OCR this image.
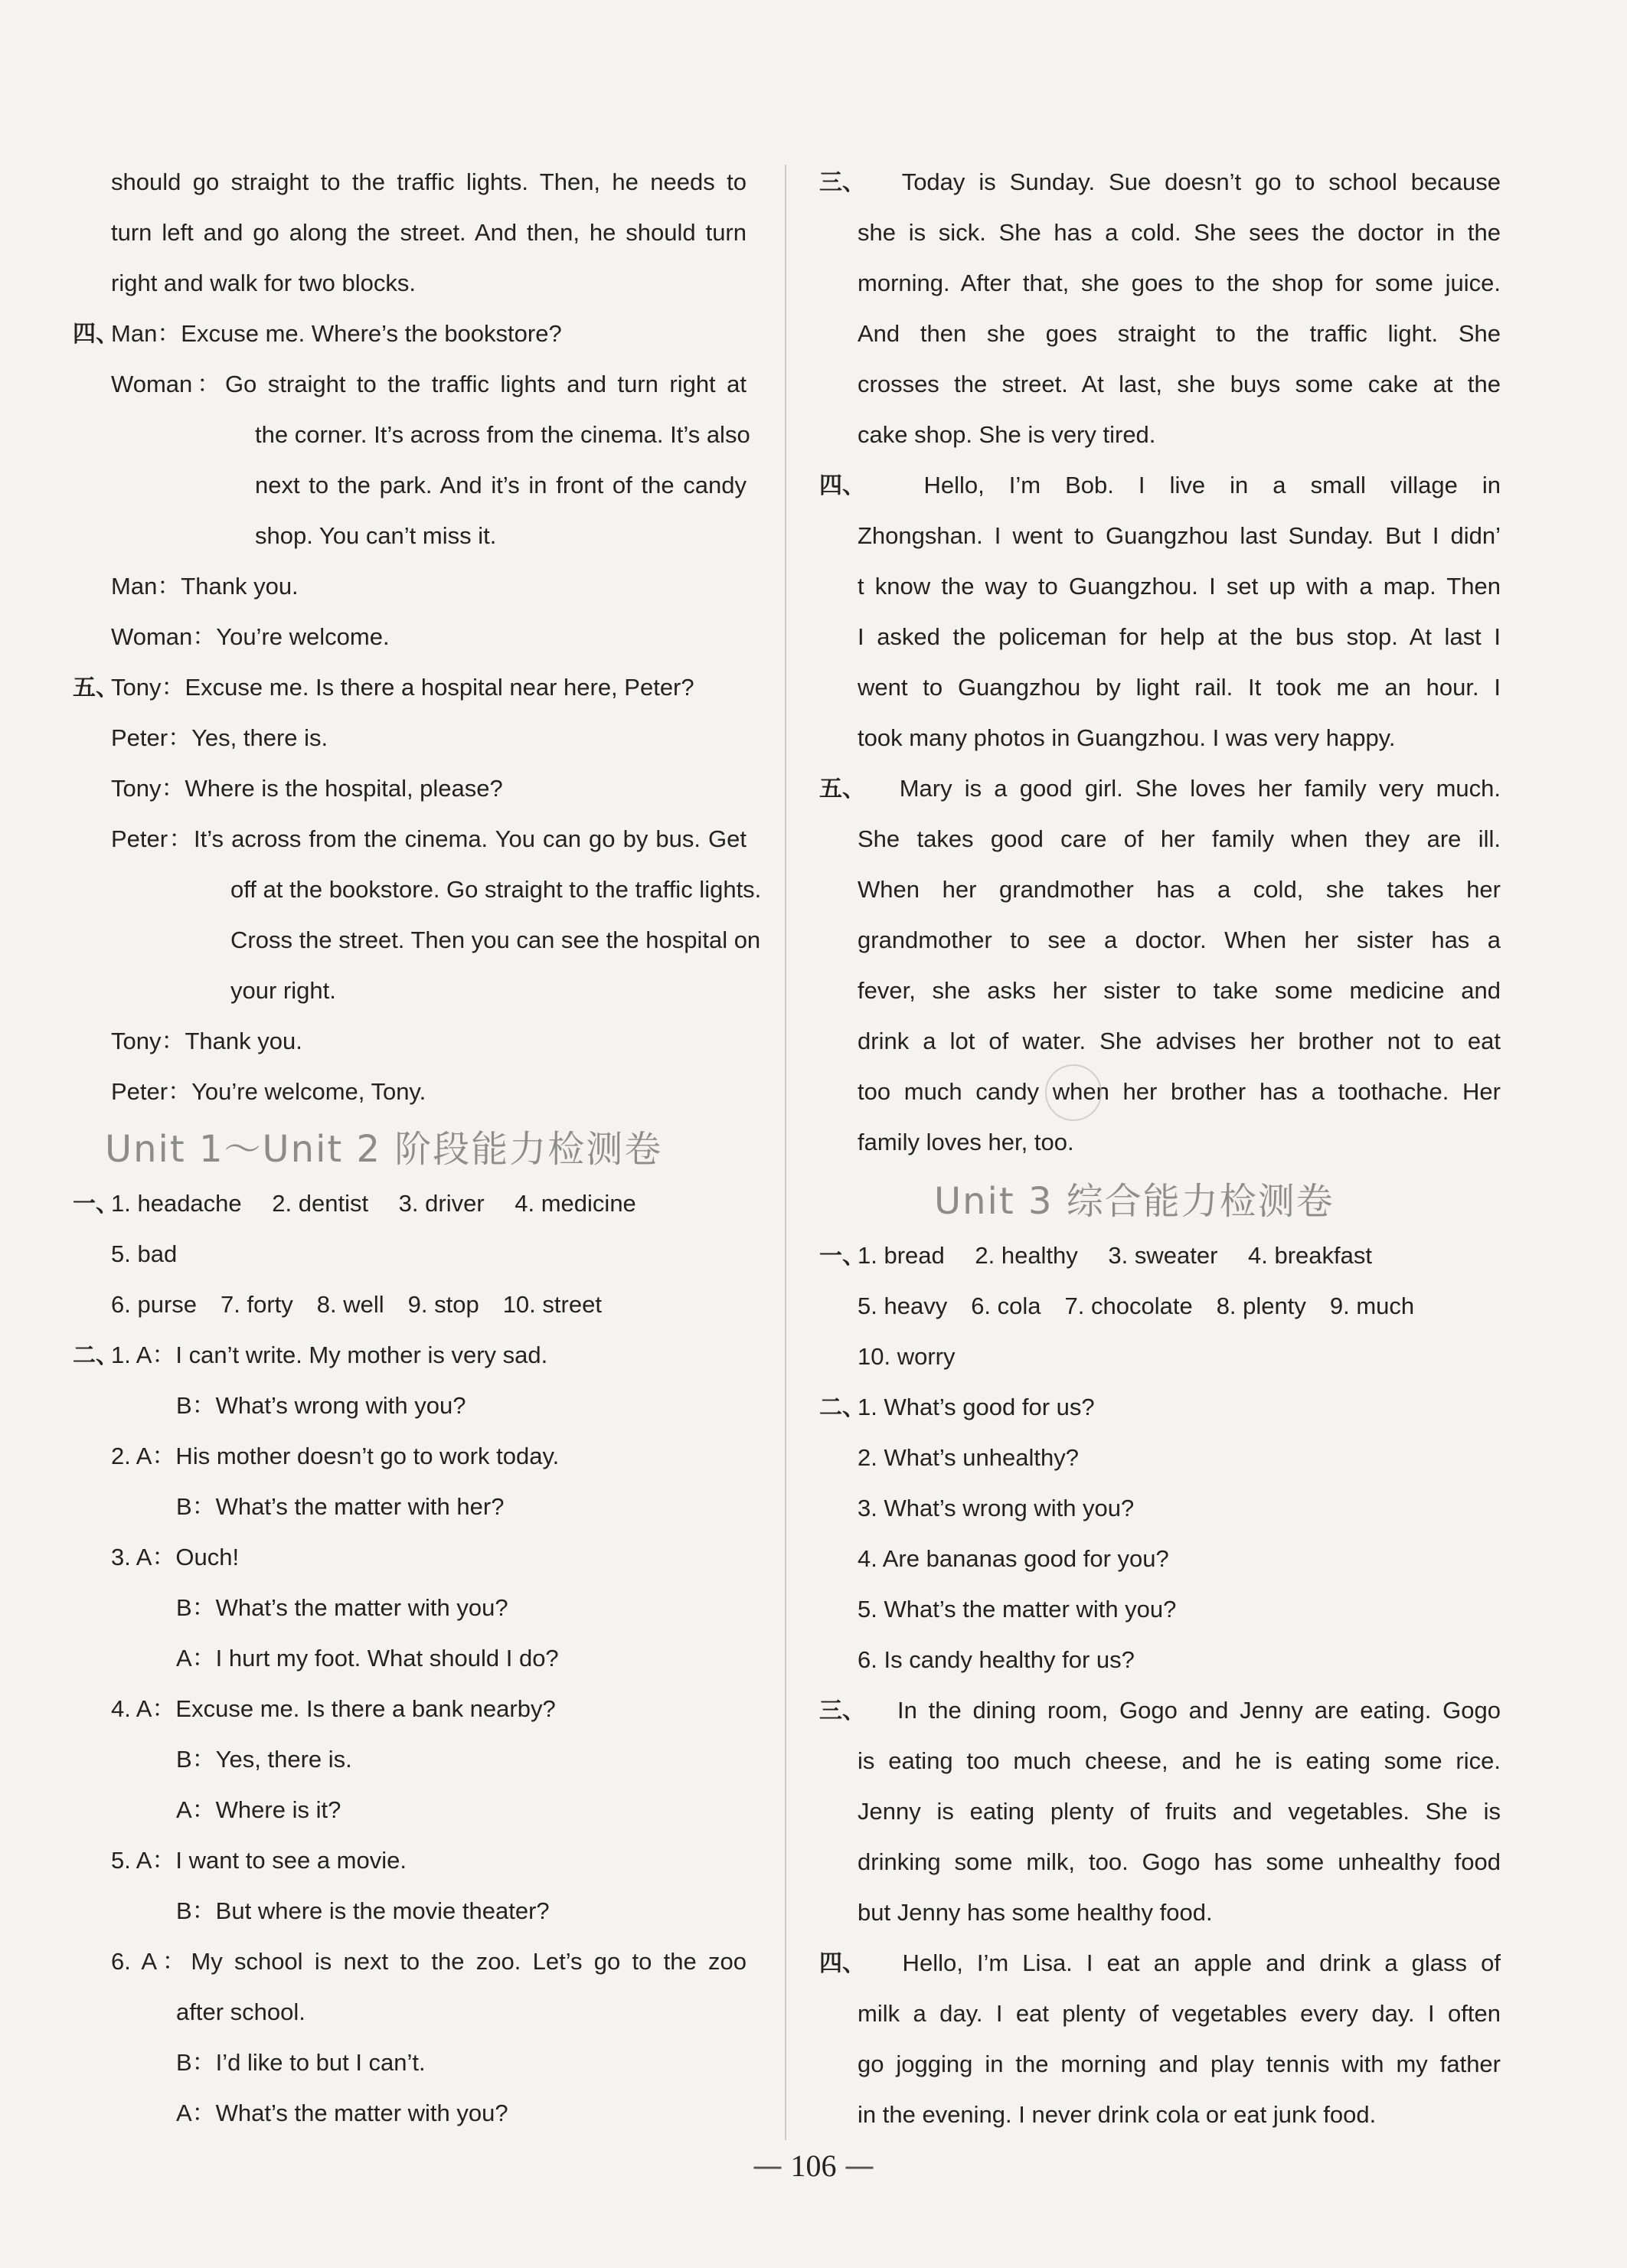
should go straight to the traffic lights. Then, he needs to
turn left and go along the street. And then, he should turn
right and walk for two blocks.
四、
Man：Excuse me. Where’s the bookstore?
Woman：Go straight to the traffic lights and turn right at
the corner. It’s across from the cinema. It’s also
next to the park. And it’s in front of the candy
shop. You can’t miss it.
Man：Thank you.
Woman：You’re welcome.
五、
Tony：Excuse me. Is there a hospital near here, Peter?
Peter：Yes, there is.
Tony：Where is the hospital, please?
Peter：It’s across from the cinema. You can go by bus. Get
off at the bookstore. Go straight to the traffic lights.
Cross the street. Then you can see the hospital on
your right.
Tony：Thank you.
Peter：You’re welcome, Tony.
Unit 1～Unit 2 阶段能力检测卷
一、
1. headache　 2. dentist　 3. driver　 4. medicine
5. bad
6. purse　7. forty　8. well　9. stop　10. street
二、
1. A：I can’t write. My mother is very sad.
B：What’s wrong with you?
2. A：His mother doesn’t go to work today.
B：What’s the matter with her?
3. A：Ouch!
B：What’s the matter with you?
A：I hurt my foot. What should I do?
4. A：Excuse me. Is there a bank nearby?
B：Yes, there is.
A：Where is it?
5. A：I want to see a movie.
B：But where is the movie theater?
6. A：My school is next to the zoo. Let’s go to the zoo
after school.
B：I’d like to but I can’t.
A：What’s the matter with you?
三、
　 Today is Sunday. Sue doesn’t go to school because
she is sick. She has a cold. She sees the doctor in the
morning. After that, she goes to the shop for some juice.
And then she goes straight to the traffic light. She
crosses the street. At last, she buys some cake at the
cake shop. She is very tired.
四、
　 Hello, I’m Bob. I live in a small village in
Zhongshan. I went to Guangzhou last Sunday. But I didn’
t know the way to Guangzhou. I set up with a map. Then
I asked the policeman for help at the bus stop. At last I
went to Guangzhou by light rail. It took me an hour. I
took many photos in Guangzhou. I was very happy.
五、
　 Mary is a good girl. She loves her family very much.
She takes good care of her family when they are ill.
When her grandmother has a cold, she takes her
grandmother to see a doctor. When her sister has a
fever, she asks her sister to take some medicine and
drink a lot of water. She advises her brother not to eat
too much candy when her brother has a toothache. Her
family loves her, too.
Unit 3 综合能力检测卷
一、
1. bread　 2. healthy　 3. sweater　 4. breakfast
5. heavy　6. cola　7. chocolate　8. plenty　9. much
10. worry
二、
1. What’s good for us?
2. What’s unhealthy?
3. What’s wrong with you?
4. Are bananas good for you?
5. What’s the matter with you?
6. Is candy healthy for us?
三、
　 In the dining room, Gogo and Jenny are eating. Gogo
is eating too much cheese, and he is eating some rice.
Jenny is eating plenty of fruits and vegetables. She is
drinking some milk, too. Gogo has some unhealthy food
but Jenny has some healthy food.
四、
　 Hello, I’m Lisa. I eat an apple and drink a glass of
milk a day. I eat plenty of vegetables every day. I often
go jogging in the morning and play tennis with my father
in the evening. I never drink cola or eat junk food.
— 106 —
